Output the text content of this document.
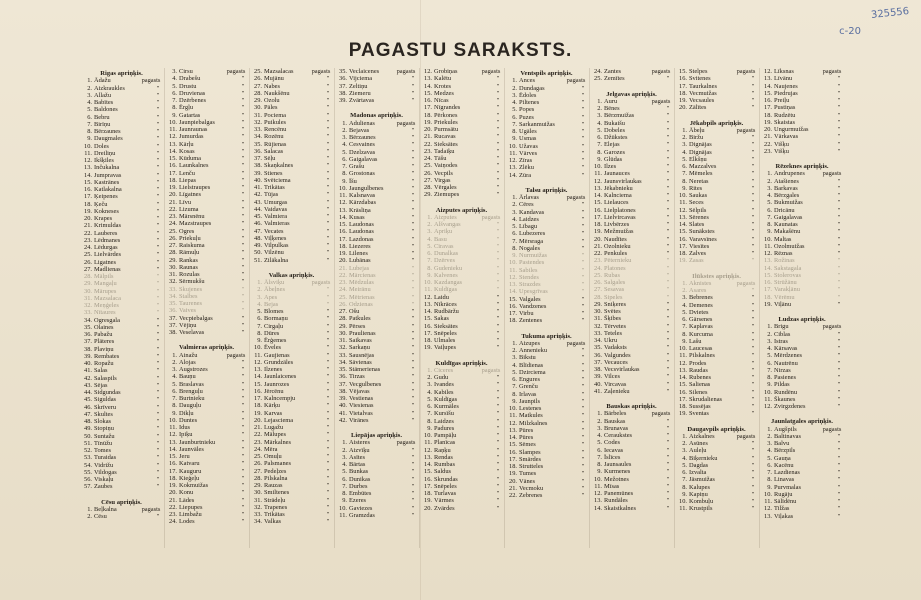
325556
c-20
PAGASTU SARAKSTS.
Rigas apriņķis.
1. Ādažu	pagasts
2. Aizkraukles	"
3. Allažu	"
4. Babītes	"
5. Baldones	"
6. Bebru	"
7. Birīņu	"
8. Bērzaunes	"
9. Daugmales	"
10. Doles	"
11. Dreiliņu	"
12. Ikšķiles	"
13. Inčukalna	"
14. Jumpravas	"
15. Kastrānes	"
16. Katlakalna	"
17. Ķeipenes	"
18. Ķeču	"
19. Kokneses	"
20. Krapes	"
21. Krimuldas	"
22. Lauberes	"
23. Lēdmanes	"
24. Lēdurgas	"
25. Lielvārdes	"
26. Ligatnes	"
27. Madlienas	"
28. Mālpils	"
29. Mangaļu	"
30. Mārupes	"
31. Mazsalaca	"
32. Meņģeles	"
33. Nītaures	"
34. Ogresgala	"
35. Olaines	"
36. Pabažu	"
37. Plāteres	"
38. Plaviņu	"
39. Rembates	"
40. Ropažu	"
41. Salas	"
42. Salaspils	"
43. Sējas	"
44. Sidgundas	"
45. Siguldas	"
46. Skrīveru	"
47. Skultes	"
48. Slokas	"
49. Stopiņu	"
50. Suntažu	"
51. Tīnūžu	"
52. Tomes	"
53. Turaidas	"
54. Vidrižu	"
55. Vildogas	"
56. Viskaļu	"
57. Zaubes	"
Cēsu apriņķis.
1. Beļkalna	pagasts
2. Cēsu	"
3. Cirsu	pagasts
4. Drabešu	"
5. Drustu	"
6. Druvienas	"
7. Dzērbenes	"
8. Ērgļu	"
9. Gatartas	"
10. Jaunpiebalgas	"
11. Jaunraunas	"
12. Jumurdas	"
13. Kārļu	"
14. Kosas	"
15. Kūduma	"
16. Launkalnes	"
17. Lenču	"
18. Liepas	"
19. Lielstraupes	"
20. Līgatnes	"
21. Līvu	"
22. Lizuma	"
23. Mārsnēnu	"
24. Mazstraupes	"
25. Ogres	"
26. Priekuļu	"
27. Raiskuma	"
28. Rāmuļu	"
29. Rankas	"
30. Raunas	"
31. Rozulas	"
32. Sērmukšu	"
33. Skujenes	"
34. Stalbes	"
35. Taurenes	"
36. Vaives	"
37. Vecpiebalgas	"
37. Vējiņu	"
38. Veselavas	"
Valmieras apriņķis.
1. Ainažu	pagasts
2. Alojas	"
3. Augstrozes	"
4. Bauņu	"
5. Braslavas	"
6. Brenguļu	"
7. Burtnieku	"
8. Dauguļu	"
9. Dikļu	"
10. Duntes	"
11. Idus	"
12. Ipiķu	"
13. Jaunburtnieku	"
14. Jaunvāles	"
15. Jeru	"
16. Katvaru	"
17. Kauguru	"
18. Kieģeļu	"
19. Kokmuižas	"
20. Konu	"
21. Lādes	"
22. Liepupes	"
23. Limbažu	"
24. Lodes	"
25. Mazsalacas	pagasts
26. Mujānu	"
27. Nabes	"
28. Naukšēnu	"
29. Ozolu	"
30. Pāles	"
31. Pociema	"
32. Puikules	"
33. Rencēnu	"
34. Rozēnu	"
35. Rūjienas	"
36. Salacas	"
37. Sēļu	"
38. Skaņkalnes	"
39. Stienes	"
40. Svētciema	"
41. Trikātas	"
42. Tūjas	"
43. Umurgas	"
44. Vaidavas	"
45. Valmiera	"
46. Valmieras	"
47. Vecates	"
48. Viļķenes	"
49. Vilpulkas	"
50. Vilzēnu	"
51. Zilākalna	"
Valkas apriņķis.
1. Ālsviķu	pagasts
2. Ābeļnes	"
3. Apes	"
4. Bejas	"
5. Blomes	"
6. Bormaņu	"
7. Cirgaļu	"
8. Dūres	"
9. Ērģemes	"
10. Ēveles	"
11. Gaujienas	"
12. Grundzāles	"
13. Ilzenes	"
14. Jaunlaicenes	"
15. Jaunrozes	"
16. Jērcēnu	"
17. Kalncempju	"
18. Kārķu	"
19. Karvas	"
20. Lejasciema	"
21. Lugažu	"
22. Mālupes	"
23. Mārkalnes	"
24. Mēra	"
25. Omuļu	"
26. Palsmanes	"
27. Pedeļzes	"
28. Pilskalna	"
29. Rauzas	"
30. Smiltenes	"
31. Strādeļu	"
32. Trapenes	"
33. Trikātas	"
34. Valkas	"
35. Veclaicenes	pagasts
36. Vijciema	"
37. Zeltiņu	"
38. Ziemeru	"
39. Zvārtavas	"
Madonas apriņķis.
1. Adulienas	pagasts
2. Bejavas	"
3. Bērzaunes	"
4. Cesvaines	"
5. Dzelzavas	"
6. Gaigalavas	"
7. Grašu	"
8. Grostonas	"
9. Īšu	"
10. Jaungulbenes	"
11. Kalsnavas	"
12. Kārzdabas	"
13. Krāsliņa	"
14. Kusas	"
15. Laudonas	"
16. Laudonas	"
17. Lazdonas	"
18. Liezeres	"
19. Lilenes	"
20. Lubānas	"
21. Lubejas	"
22. Mārcienas	"
23. Mēdzulas	"
24. Meirānu	"
25. Mētrienas	"
26. Odzienas	"
27. Ošu	"
28. Patkules	"
29. Pērses	"
30. Praulienas	"
31. Saikavas	"
32. Sarkaņu	"
33. Sausnējas	"
34. Sāvienas	"
35. Stāmerienas	"
36. Tirzas	"
37. Vecgulbenes	"
38. Vējavas	"
39. Vestienas	"
40. Viesienas	"
41. Vietalvas	"
42. Virānes	"
Liepājas apriņķis.
1. Aisteres	pagasts
2. Aizvīķu	"
3. Asītes	"
4. Bārtas	"
5. Bunkas	"
6. Dunikas	"
7. Durbes	"
8. Embūtes	"
9. Ezeres	"
10. Gaviezes	"
11. Gramzdas	"
12. Grobiņas	pagasts
13. Kalētu	"
14. Krotes	"
15. Medzes	"
16. Nīcas	"
17. Nīgrandes	"
18. Pērkones	"
19. Priekules	"
20. Purmsātu	"
21. Rucavas	"
22. Sieksātes	"
23. Tadaiķu	"
24. Tāšu	"
25. Vaiņodes	"
26. Vecpils	"
27. Virgas	"
28. Vērgales	"
29. Ziemupes	"
Aizputes apriņķis.
1. Aizputes	pagasts
2. Alšvangas	"
3. Apriķu	"
4. Basu	"
5. Cīravas	"
6. Dunalkas	"
7. Dzērves	"
8. Gudenieku	"
9. Kalvenes	"
10. Kazdangas	"
11. Kuldīgas	"
12. Laidu	"
13. Nīkrāces	"
14. Rudbāržu	"
15. Sakas	"
16. Sieksātes	"
17. Snēpeles	"
18. Ulmales	"
19. Vaiļupes	"
Kuldīgas apriņķis.
1. Ciceres	pagasts
2. Gudu	"
3. Ivandes	"
4. Kabiles	"
5. Kuldīgas	"
6. Kurmāles	"
7. Kursīšu	"
8. Laidzes	"
9. Padures	"
10. Pampāļu	"
11. Planīcas	"
12. Raņķu	"
13. Rendas	"
14. Rumbas	"
15. Saldus	"
16. Skrundas	"
17. Snēpeles	"
18. Turlavas	"
19. Vārmes	"
20. Zvārdes	"
Ventspils apriņķis.
1. Ances	pagasts
2. Dundagas	"
3. Ēdoles	"
4. Piltenes	"
5. Popes	"
6. Puzes	"
7. Sarkanmuižas	"
8. Ugāles	"
9. Usmas	"
10. Užavas	"
11. Vārves	"
12. Zīras	"
13. Zlēku	"
14. Zūra	"
Talsu apriņķis.
1. Ārlavas	pagasts
2. Cēres	"
3. Kandavas	"
4. Laidzes	"
5. Lībagu	"
6. Lubezeres	"
7. Mērsraga	"
8. Nogales	"
9. Nurmuižas	"
10. Pastendes	"
11. Sabiles	"
12. Stendes	"
13. Strazdes	"
14. Upesgrīvas	"
15. Valgales	"
16. Vandzenes	"
17. Virbu	"
18. Zentenes	"
Tukuma apriņķis.
1. Aizupes	pagasts
2. Annenieku	"
3. Bikstu	"
4. Blīdienas	"
5. Dzirciema	"
6. Engures	"
7. Grenču	"
8. Irlavas	"
9. Jaunpils	"
10. Lestenes	"
11. Matkules	"
12. Milzkalnes	"
13. Pūres	"
14. Pūres	"
15. Sēmes	"
16. Slampes	"
17. Smārdes	"
18. Strutteles	"
19. Tumes	"
20. Vānes	"
21. Vecmoku	"
22. Zebrenes	"
24. Zantes	pagasts
25. Zemītes	"
Jelgavas apriņķis.
1. Auru	pagasts
2. Bēnes	"
3. Bērzmuižas	"
4. Bukaišu	"
5. Dobeles	"
6. Džūkstes	"
7. Elejas	"
8. Garozes	"
9. Glūdas	"
10. Ilzes	"
11. Jaunauces	"
12. Jaunsvirlaukas	"
13. Jēkabnieku	"
14. Kalnciema	"
15. Lielauces	"
16. Lielplatones	"
17. Lielvircavas	"
18. Livbērzes	"
19. Mežmuižas	"
20. Naudītes	"
21. Ozolnieku	"
22. Penkules	"
23. Pēternieku	"
24. Platones	"
25. Rubas	"
26. Salgales	"
27. Sesavas	"
28. Sipeles	"
29. Sniķeres	"
30. Svētes	"
31. Šķibes	"
32. Tērvetes	"
33. Teteles	"
34. Ukru	"
35. Vadaksts	"
36. Valgundes	"
37. Vecauces	"
38. Vecsvirlaukas	"
39. Vilces	"
40. Vircavas	"
41. Zaļenieku	"
Bauskas apriņķis.
1. Bārbeles	pagasts
2. Bauskas	"
3. Brunavas	"
4. Ceraukstes	"
5. Codes	"
6. Iecavas	"
7. Īslīces	"
8. Jaunsaules	"
9. Kurmenes	"
10. Mežotnes	"
11. Mīsas	"
12. Panemūnes	"
13. Rundāles	"
14. Skaistkalnes	"
15. Stelpes	pagasts
16. Svitenes	"
17. Taurkalnes	"
18. Vecmuižas	"
19. Vecsaules	"
20. Zālītes	"
Jēkabpils apriņķis.
1. Ābeļu	pagasts
2. Biržu	"
3. Dignājas	"
4. Dignājas	"
5. Elkšņu	"
6. Mazzalves	"
7. Mēmeles	"
8. Neretas	"
9. Rites	"
10. Saukas	"
11. Seces	"
12. Sēlpils	"
13. Sērenes	"
14. Slates	"
15. Sunākstes	"
16. Varavsīnes	"
17. Viesītes	"
18. Zalves	"
19. Zasas	"
Ilūkstes apriņķis.
1. Aknistes	pagasts
2. Asares	"
3. Bebrenes	"
4. Demenes	"
5. Dvietes	"
6. Gārsenes	"
7. Kaplavas	"
8. Kurcuma	"
9. Lašu	"
10. Laucesas	"
11. Pilskalnes	"
12. Prodes	"
13. Raudas	"
14. Rubenes	"
15. Salienas	"
16. Silenes	"
17. Skrudalienas	"
18. Sussējas	"
19. Sventas	"
Daugavpils apriņķis.
1. Aizkalnes	pagasts
2. Asūnes	"
3. Auleļu	"
4. Biķernieku	"
5. Dagdas	"
6. Izvalta	"
7. Jāsmuižas	"
8. Kalupes	"
9. Kapiņu	"
10. Kombuļu	"
11. Krustpils	"
12. Līksnas	pagasts
13. Līvānu	"
14. Naujenes	"
15. Piedrujas	"
16. Preiļu	"
17. Pustiņas	"
18. Rudzētu	"
19. Skaistas	"
20. Ungurmuižas	"
21. Vārkavas	"
22. Višķu	"
23. Višķu	"
Rēzeknes apriņķis.
1. Andrupenes	pagasts
2. Atašienes	"
3. Barkavas	"
4. Bērzgales	"
5. Bukmuižas	"
6. Dricānu	"
7. Gaigalavas	"
8. Kaunatas	"
9. Makašēnu	"
10. Maltas	"
11. Ozolmuižas	"
12. Rēznas	"
13. Rožinas	"
14. Sakstagala	"
15. Stolerovas	"
16. Strūžānu	"
17. Varakļānu	"
18. Vērēmu	"
19. Viļānu	"
Ludzas apriņķis.
1. Brigu	pagasts
2. Ciblas	"
3. Istras	"
4. Kārsavas	"
5. Mērdzenes	"
6. Nautrēnu	"
7. Nirzas	"
8. Pasienes	"
9. Pildas	"
10. Rundēnu	"
11. Škaunes	"
12. Zvirgzdenes	"
Jaunlatgales apriņķis.
1. Augšpils	pagasts
2. Baltinavas	"
3. Balvu	"
4. Bērzpils	"
5. Gauņa	"
6. Kacēnu	"
7. Lazdienas	"
8. Linavas	"
9. Purvmalas	"
10. Rugāju	"
11. Sālīdēnu	"
12. Tilžas	"
13. Viļakas	"
